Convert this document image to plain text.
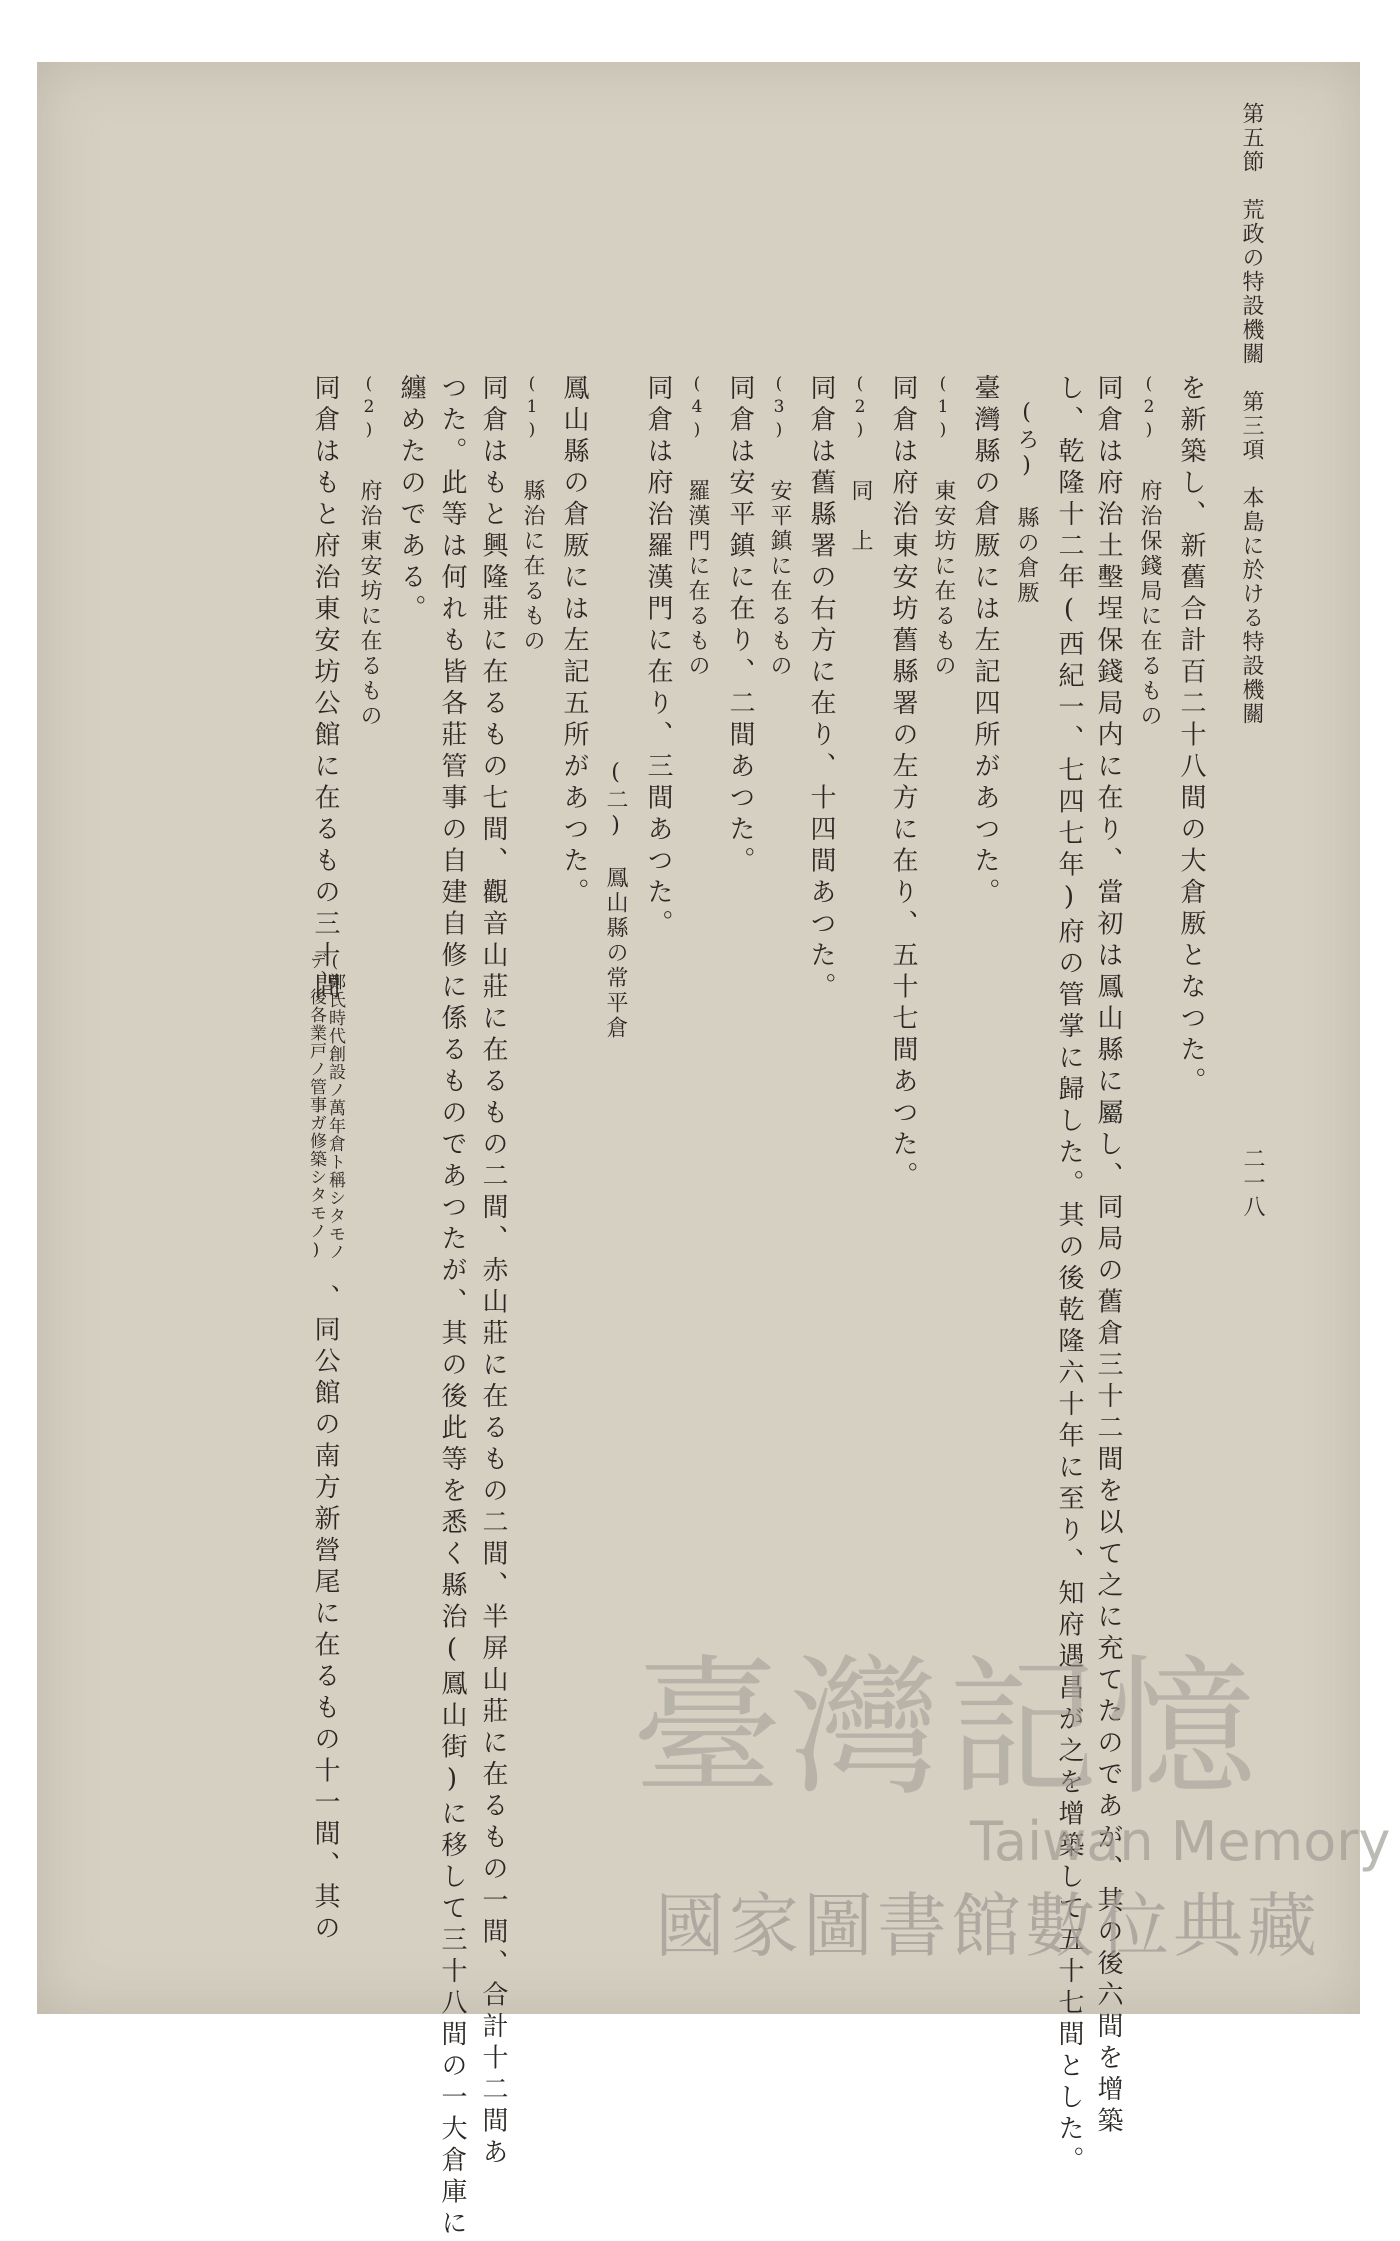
第五節　荒政の特設機關　第三項　本島に於ける特設機關
二一八
を新築し、新舊合計百二十八間の大倉厫となつた。
(2) 府治保錢局に在るもの
同倉は府治土墼埕保錢局内に在り、當初は鳳山縣に屬し、同局の舊倉三十二間を以て之に充てたのであが、其の後六間を增築
し、乾隆十二年(西紀一、七四七年)府の管掌に歸した。其の後乾隆六十年に至り、知府遇昌が之を增築して五十七間とした。
(ろ)　縣の倉厫
臺灣縣の倉厫には左記四所があつた。
(1) 東安坊に在るもの
同倉は府治東安坊舊縣署の左方に在り、五十七間あつた。
(2) 同　上
同倉は舊縣署の右方に在り、十四間あつた。
(3) 安平鎮に在るもの
同倉は安平鎮に在り、二間あつた。
(4) 羅漢門に在るもの
同倉は府治羅漢門に在り、三間あつた。
(二)　鳳山縣の常平倉
鳳山縣の倉厫には左記五所があつた。
(1) 縣治に在るもの
同倉はもと興隆莊に在るもの七間、觀音山莊に在るもの二間、赤山莊に在るもの二間、半屏山莊に在るもの一間、合計十二間あ
つた。此等は何れも皆各莊管事の自建自修に係るものであつたが、其の後此等を悉く縣治(鳳山街)に移して三十八間の一大倉庫に
纏めたのである。
(2) 府治東安坊に在るもの
同倉はもと府治東安坊公館に在るもの三十間
(鄭氏時代創設ノ萬年倉ト稱シタモノ
デ、後各業戸ノ管事ガ修築シタモノ)
、同公館の南方新營尾に在るもの十一間、其の 臺灣記憶
Taiwan Memory
國家圖書館數位典藏
